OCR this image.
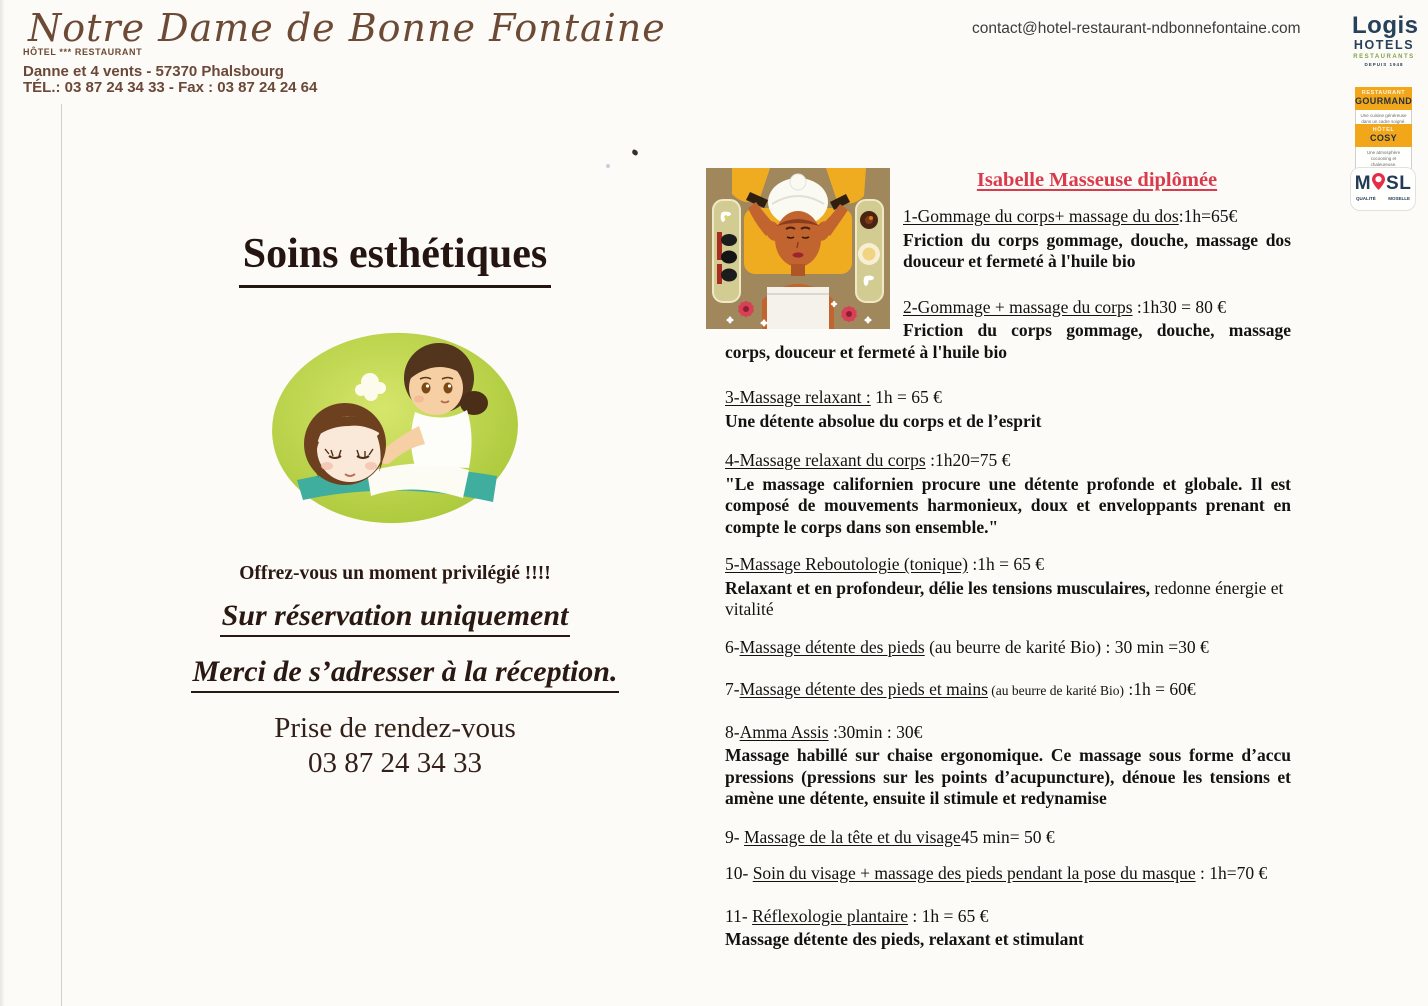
Notre Dame de Bonne Fontaine
HÔTEL *** RESTAURANT
Danne et 4 vents - 57370 Phalsbourg
TÉL.: 03 87 24 34 33 - Fax : 03 87 24 24 64
contact@hotel-restaurant-ndbonnefontaine.com Logis
HOTELS
RESTAURANTS
DEPUIS 1948
RESTAURANT
GOURMAND
Une cuisine généreuse dans un cadre soigné.
HÔTEL
COSY
Une atmosphère cocooning et chaleureuse.
M SL
QUALITÉ	MOSELLE
Soins esthétiques
Offrez-vous un moment privilégié !!!!
Sur réservation uniquement
Merci de s’adresser à la réception.
Prise de rendez-vous
03 87 24 34 33
Isabelle Masseuse diplômée

1-Gommage du corps+ massage du dos:1h=65€

Friction du corps gommage, douche, massage dos douceur et fermeté à l'huile bio

2-Gommage + massage du corps :1h30 = 80 €

Friction du corps gommage, douche, massage corps, douceur et fermeté à l'huile bio

3-Massage relaxant : 1h = 65 €

Une détente absolue du corps et de l’esprit

4-Massage relaxant du corps :1h20=75 €

"Le massage californien procure une détente profonde et globale. Il est composé de mouvements harmonieux, doux et enveloppants prenant en compte le corps dans son ensemble."

5-Massage Reboutologie (tonique) :1h = 65 €

Relaxant et en profondeur, délie les tensions musculaires, redonne énergie et vitalité

6-Massage détente des pieds (au beurre de karité Bio) : 30 min =30 €

7-Massage détente des pieds et mains (au beurre de karité Bio) :1h = 60€

8-Amma Assis :30min : 30€

Massage habillé sur chaise ergonomique. Ce massage sous forme d’accu pressions (pressions sur les points d’acupuncture), dénoue les tensions et amène une détente, ensuite il stimule et redynamise

9- Massage de la tête et du visage45 min= 50 €

10- Soin du visage + massage des pieds pendant la pose du masque : 1h=70 €

11- Réflexologie plantaire : 1h = 65 €

Massage détente des pieds, relaxant et stimulant
